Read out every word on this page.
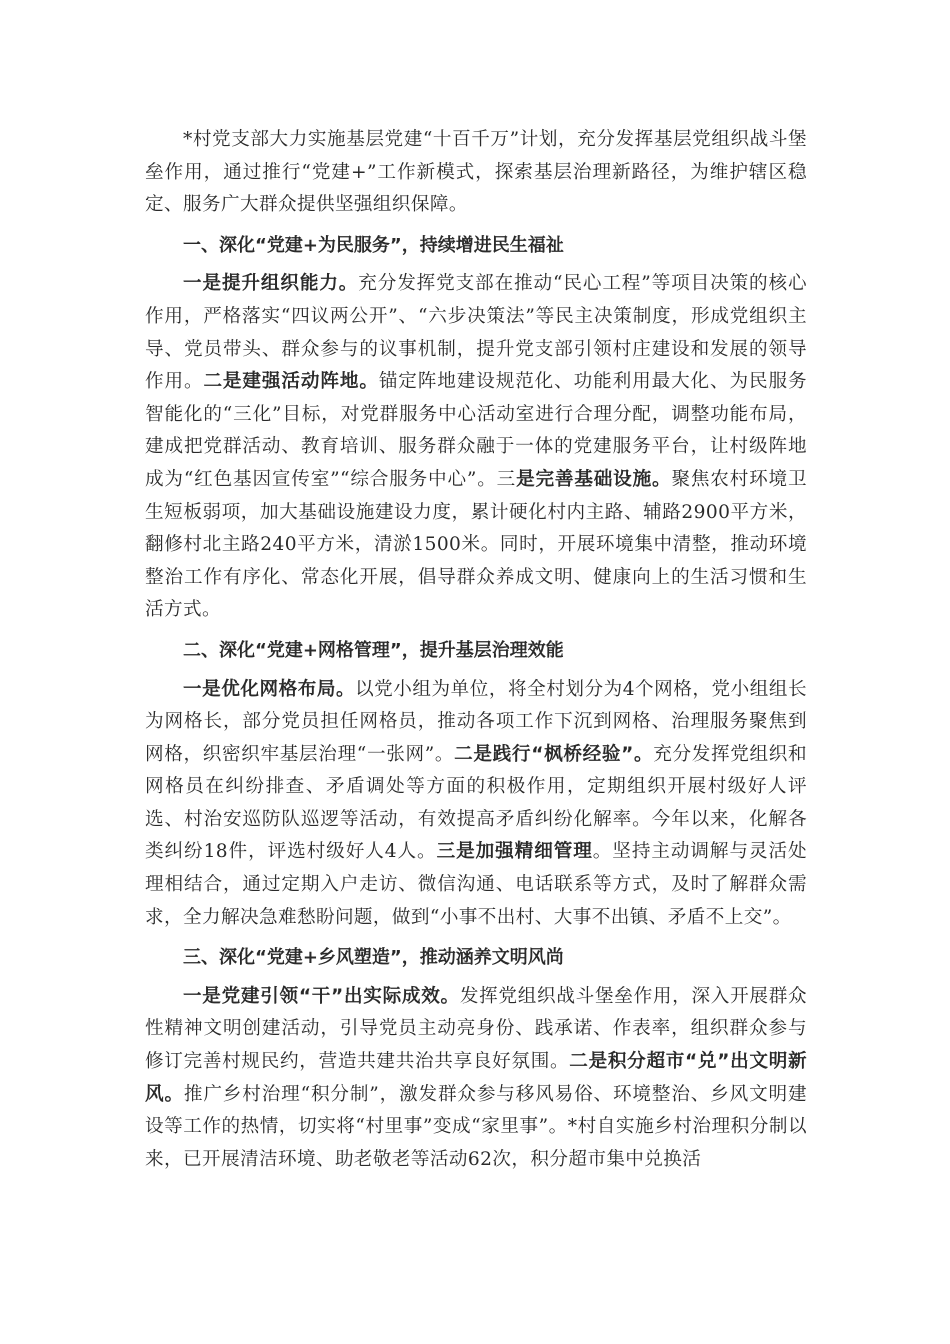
*村党支部大力实施基层党建“十百千万”计划，充分发挥基层党组织战斗堡垒作用，通过推行“党建+”工作新模式，探索基层治理新路径，为维护辖区稳定、服务广大群众提供坚强组织保障。

一、深化“党建+为民服务”，持续增进民生福祉

一是提升组织能力。充分发挥党支部在推动“民心工程”等项目决策的核心作用，严格落实“四议两公开”、“六步决策法”等民主决策制度，形成党组织主导、党员带头、群众参与的议事机制，提升党支部引领村庄建设和发展的领导作用。二是建强活动阵地。锚定阵地建设规范化、功能利用最大化、为民服务智能化的“三化”目标，对党群服务中心活动室进行合理分配，调整功能布局，建成把党群活动、教育培训、服务群众融于一体的党建服务平台，让村级阵地成为“红色基因宣传室”“综合服务中心”。三是完善基础设施。聚焦农村环境卫生短板弱项，加大基础设施建设力度，累计硬化村内主路、辅路2900平方米，翻修村北主路240平方米，清淤1500米。同时，开展环境集中清整，推动环境整治工作有序化、常态化开展，倡导群众养成文明、健康向上的生活习惯和生活方式。

二、深化“党建+网格管理”，提升基层治理效能

一是优化网格布局。以党小组为单位，将全村划分为4个网格，党小组组长为网格长，部分党员担任网格员，推动各项工作下沉到网格、治理服务聚焦到网格，织密织牢基层治理“一张网”。二是践行“枫桥经验”。充分发挥党组织和网格员在纠纷排查、矛盾调处等方面的积极作用，定期组织开展村级好人评选、村治安巡防队巡逻等活动，有效提高矛盾纠纷化解率。今年以来，化解各类纠纷18件，评选村级好人4人。三是加强精细管理。坚持主动调解与灵活处理相结合，通过定期入户走访、微信沟通、电话联系等方式，及时了解群众需求，全力解决急难愁盼问题，做到“小事不出村、大事不出镇、矛盾不上交”。

三、深化“党建+乡风塑造”，推动涵养文明风尚

一是党建引领“干”出实际成效。发挥党组织战斗堡垒作用，深入开展群众性精神文明创建活动，引导党员主动亮身份、践承诺、作表率，组织群众参与修订完善村规民约，营造共建共治共享良好氛围。二是积分超市“兑”出文明新风。推广乡村治理“积分制”，激发群众参与移风易俗、环境整治、乡风文明建设等工作的热情，切实将“村里事”变成“家里事”。*村自实施乡村治理积分制以来，已开展清洁环境、助老敬老等活动62次，积分超市集中兑换活
